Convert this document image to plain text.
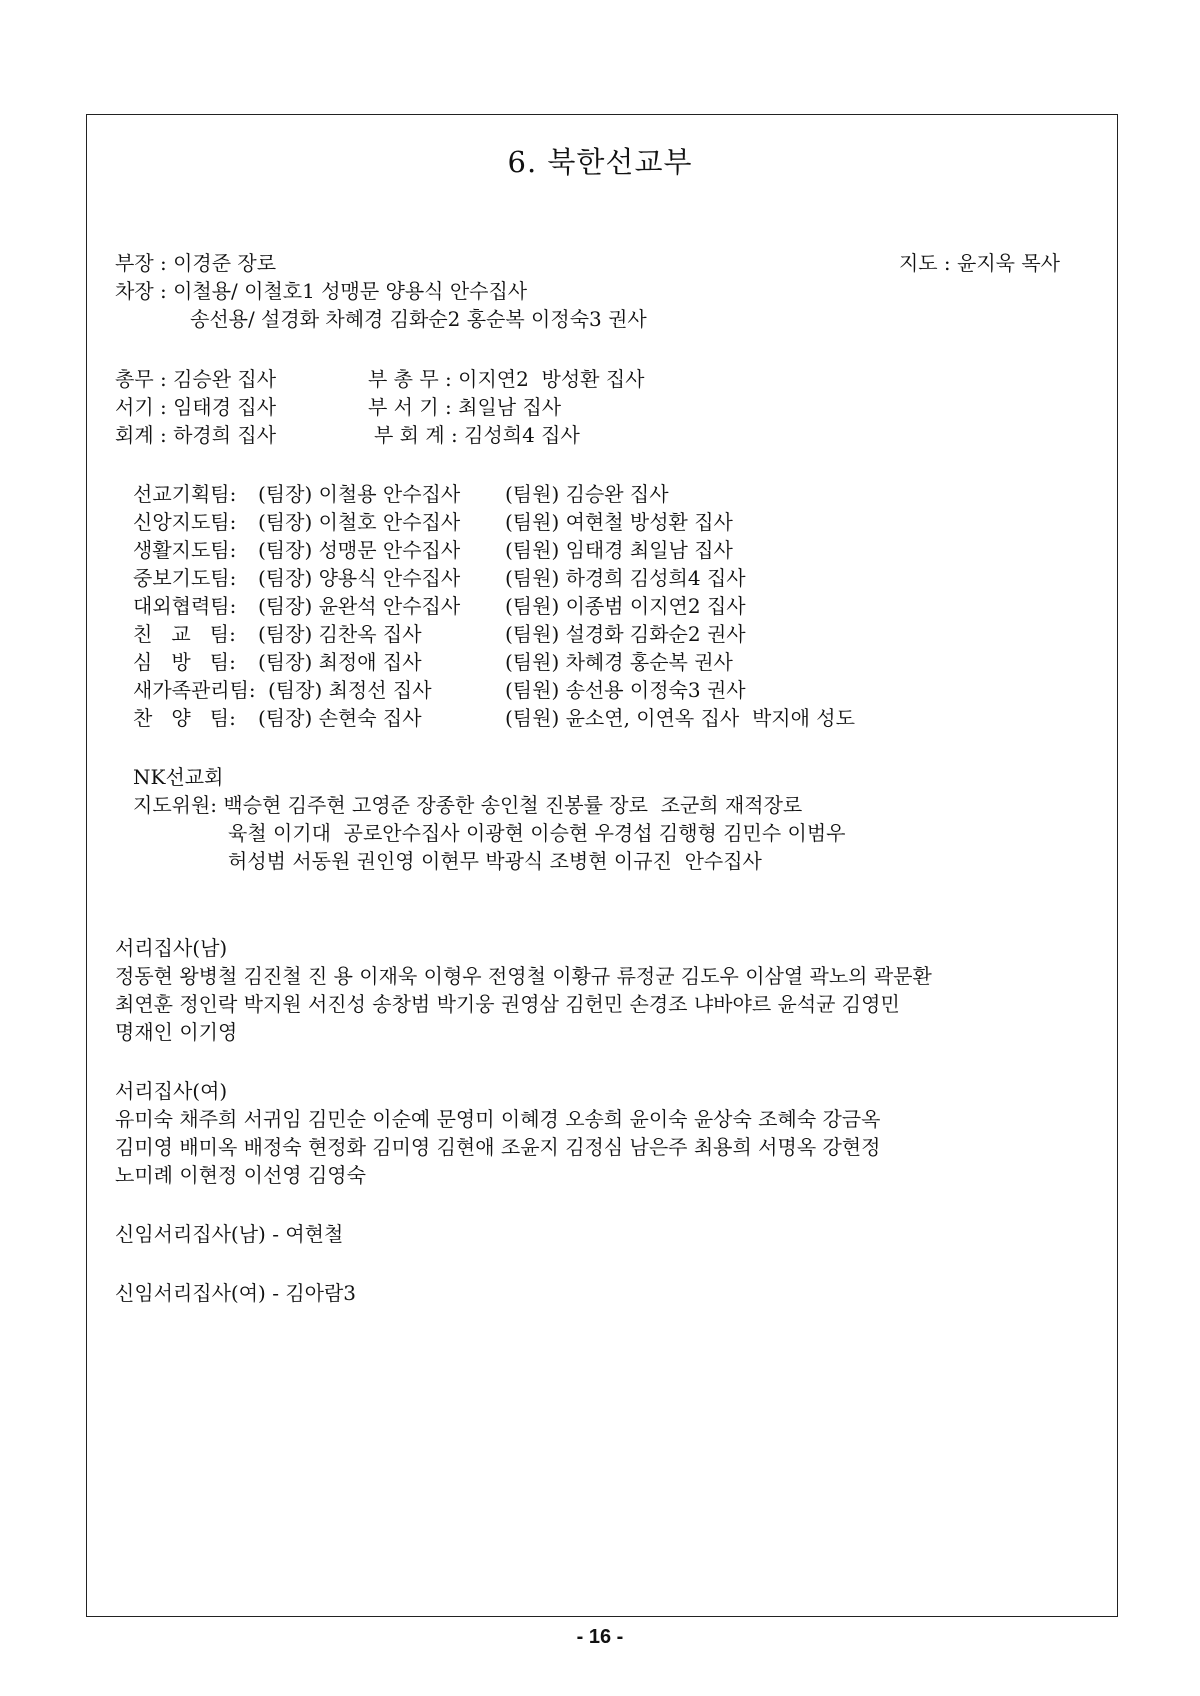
6. 북한선교부
부장 : 이경준 장로	지도 : 윤지욱 목사
차장 : 이철용/ 이철호1 성맹문 양용식 안수집사
송선용/ 설경화 차혜경 김화순2 홍순복 이정숙3 권사
총무 : 김승완 집사	부 총 무 : 이지연2  방성환 집사
서기 : 임태경 집사	부 서 기 : 최일남 집사
회계 : 하경희 집사	부 회 계 : 김성희4 집사
선교기획팀: (팀장) 이철용 안수집사 (팀원) 김승완 집사
신앙지도팀: (팀장) 이철호 안수집사 (팀원) 여현철 방성환 집사
생활지도팀: (팀장) 성맹문 안수집사 (팀원) 임태경 최일남 집사
중보기도팀: (팀장) 양용식 안수집사 (팀원) 하경희 김성희4 집사
대외협력팀: (팀장) 윤완석 안수집사 (팀원) 이종범 이지연2 집사
친   교   팀: (팀장) 김찬옥 집사	(팀원) 설경화 김화순2 권사
심   방   팀: (팀장) 최정애 집사	(팀원) 차혜경 홍순복 권사
새가족관리팀: (팀장) 최정선 집사	(팀원) 송선용 이정숙3 권사
찬   양   팀: (팀장) 손현숙 집사	(팀원) 윤소연, 이연옥 집사  박지애 성도
NK선교회
지도위원: 백승현 김주현 고영준 장종한 송인철 진봉률 장로  조군희 재적장로
육철 이기대  공로안수집사 이광현 이승현 우경섭 김행형 김민수 이범우
허성범 서동원 권인영 이현무 박광식 조병현 이규진  안수집사
서리집사(남)
정동현 왕병철 김진철 진 용 이재욱 이형우 전영철 이황규 류정균 김도우 이삼열 곽노의 곽문환
최연훈 정인락 박지원 서진성 송창범 박기웅 권영삼 김헌민 손경조 냐바야르 윤석균 김영민
명재인 이기영
서리집사(여)
유미숙 채주희 서귀임 김민순 이순예 문영미 이혜경 오송희 윤이숙 윤상숙 조혜숙 강금옥
김미영 배미옥 배정숙 현정화 김미영 김현애 조윤지 김정심 남은주 최용희 서명옥 강현정
노미례 이현정 이선영 김영숙
신임서리집사(남) - 여현철
신임서리집사(여) - 김아람3
- 16 -
